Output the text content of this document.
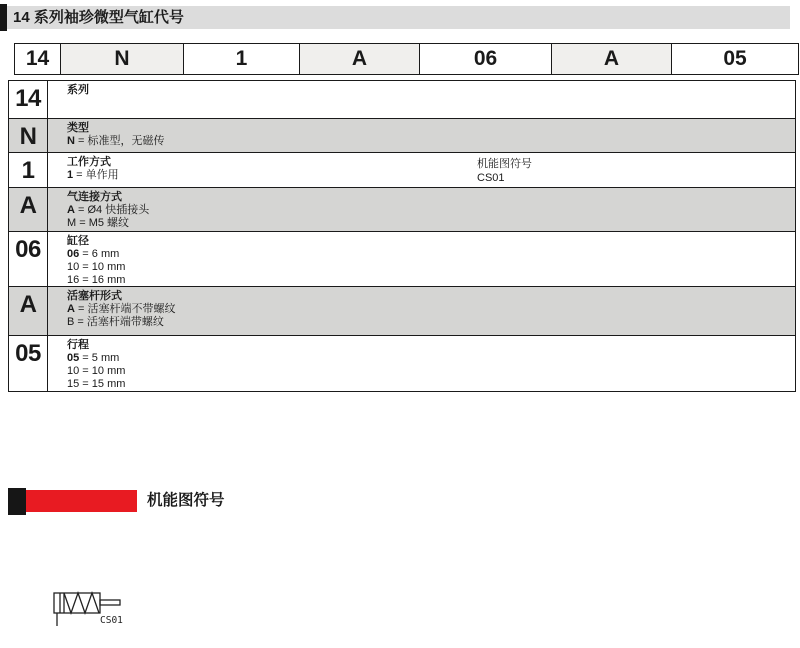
14 系列袖珍微型气缸代号
14	N	1	A	06	A	05
14	系列
N	类型
N = 标准型，无磁传
1	工作方式
1 = 单作用
机能图符号
CS01
A	气连接方式
A = Ø4 快插接头
M = M5 螺纹
06	缸径
06 = 6 mm
10 = 10 mm
16 = 16 mm
A	活塞杆形式
A = 活塞杆端不带螺纹
B = 活塞杆端带螺纹
05	行程
05 = 5 mm
10 = 10 mm
15 = 15 mm
机能图符号
CS01
